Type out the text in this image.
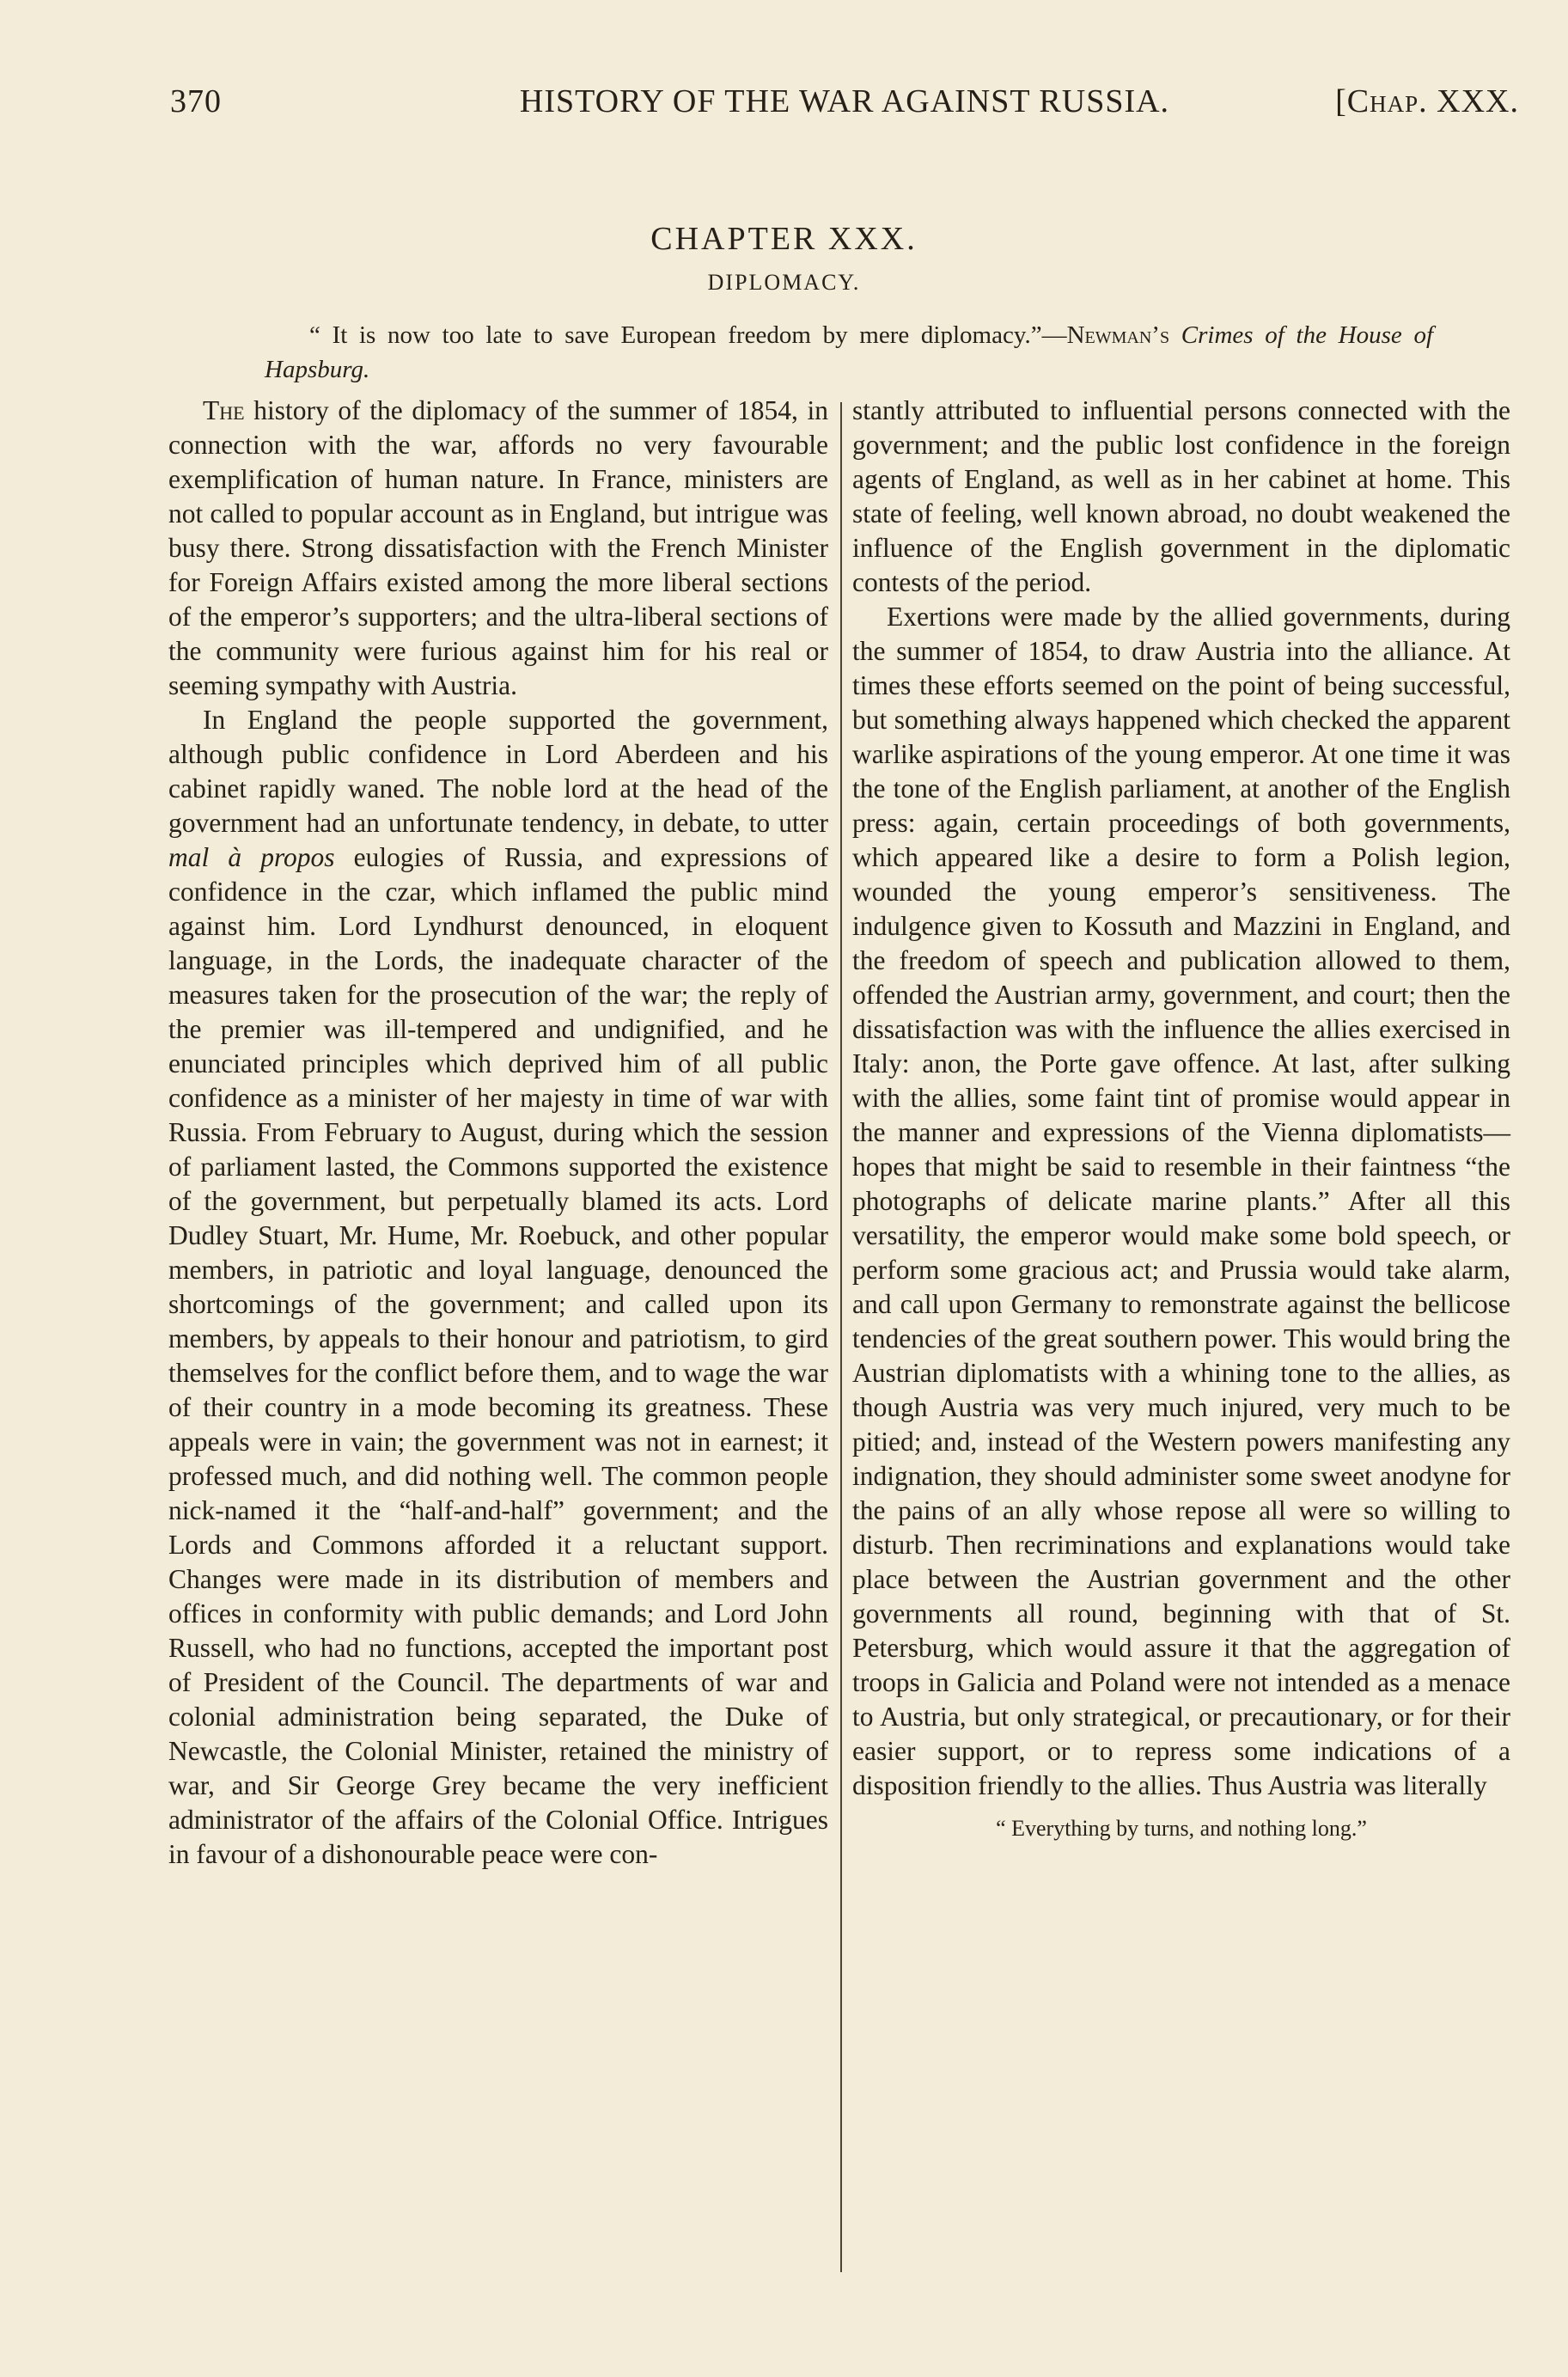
370	HISTORY OF THE WAR AGAINST RUSSIA.	[Chap. XXX.
CHAPTER XXX.
DIPLOMACY.
“ It is now too late to save European freedom by mere diplomacy.”—Newman’s Crimes of the House of Hapsburg.

The history of the diplomacy of the summer of 1854, in connection with the war, affords no very favourable exemplification of human nature. In France, ministers are not called to popular account as in England, but intrigue was busy there. Strong dissatisfaction with the French Minister for Foreign Affairs existed among the more liberal sections of the emperor’s supporters; and the ultra-liberal sections of the community were furious against him for his real or seeming sympathy with Austria.

In England the people supported the government, although public confidence in Lord Aberdeen and his cabinet rapidly waned. The noble lord at the head of the government had an unfortunate tendency, in debate, to utter mal à propos eulogies of Russia, and expressions of confidence in the czar, which inflamed the public mind against him. Lord Lyndhurst denounced, in eloquent language, in the Lords, the inadequate character of the measures taken for the prosecution of the war; the reply of the premier was ill-tempered and undignified, and he enunciated principles which deprived him of all public confidence as a minister of her majesty in time of war with Russia. From February to August, during which the session of parliament lasted, the Commons supported the existence of the government, but perpetually blamed its acts. Lord Dudley Stuart, Mr. Hume, Mr. Roebuck, and other popular members, in patriotic and loyal language, denounced the shortcomings of the government; and called upon its members, by appeals to their honour and patriotism, to gird themselves for the conflict before them, and to wage the war of their country in a mode becoming its greatness. These appeals were in vain; the government was not in earnest; it professed much, and did nothing well. The common people nick-named it the “half-and-half” government; and the Lords and Commons afforded it a reluctant support. Changes were made in its distribution of members and offices in conformity with public demands; and Lord John Russell, who had no functions, accepted the important post of President of the Council. The departments of war and colonial administration being separated, the Duke of Newcastle, the Colonial Minister, retained the ministry of war, and Sir George Grey became the very inefficient administrator of the affairs of the Colonial Office. Intrigues in favour of a dishonourable peace were con-

stantly attributed to influential persons connected with the government; and the public lost confidence in the foreign agents of England, as well as in her cabinet at home. This state of feeling, well known abroad, no doubt weakened the influence of the English government in the diplomatic contests of the period.

Exertions were made by the allied governments, during the summer of 1854, to draw Austria into the alliance. At times these efforts seemed on the point of being successful, but something always happened which checked the apparent warlike aspirations of the young emperor. At one time it was the tone of the English parliament, at another of the English press: again, certain proceedings of both governments, which appeared like a desire to form a Polish legion, wounded the young emperor’s sensitiveness. The indulgence given to Kossuth and Mazzini in England, and the freedom of speech and publication allowed to them, offended the Austrian army, government, and court; then the dissatisfaction was with the influence the allies exercised in Italy: anon, the Porte gave offence. At last, after sulking with the allies, some faint tint of promise would appear in the manner and expressions of the Vienna diplomatists—hopes that might be said to resemble in their faintness “the photographs of delicate marine plants.” After all this versatility, the emperor would make some bold speech, or perform some gracious act; and Prussia would take alarm, and call upon Germany to remonstrate against the bellicose tendencies of the great southern power. This would bring the Austrian diplomatists with a whining tone to the allies, as though Austria was very much injured, very much to be pitied; and, instead of the Western powers manifesting any indignation, they should administer some sweet anodyne for the pains of an ally whose repose all were so willing to disturb. Then recriminations and explanations would take place between the Austrian government and the other governments all round, beginning with that of St. Petersburg, which would assure it that the aggregation of troops in Galicia and Poland were not intended as a menace to Austria, but only strategical, or precautionary, or for their easier support, or to repress some indications of a disposition friendly to the allies. Thus Austria was literally

“ Everything by turns, and nothing long.”
